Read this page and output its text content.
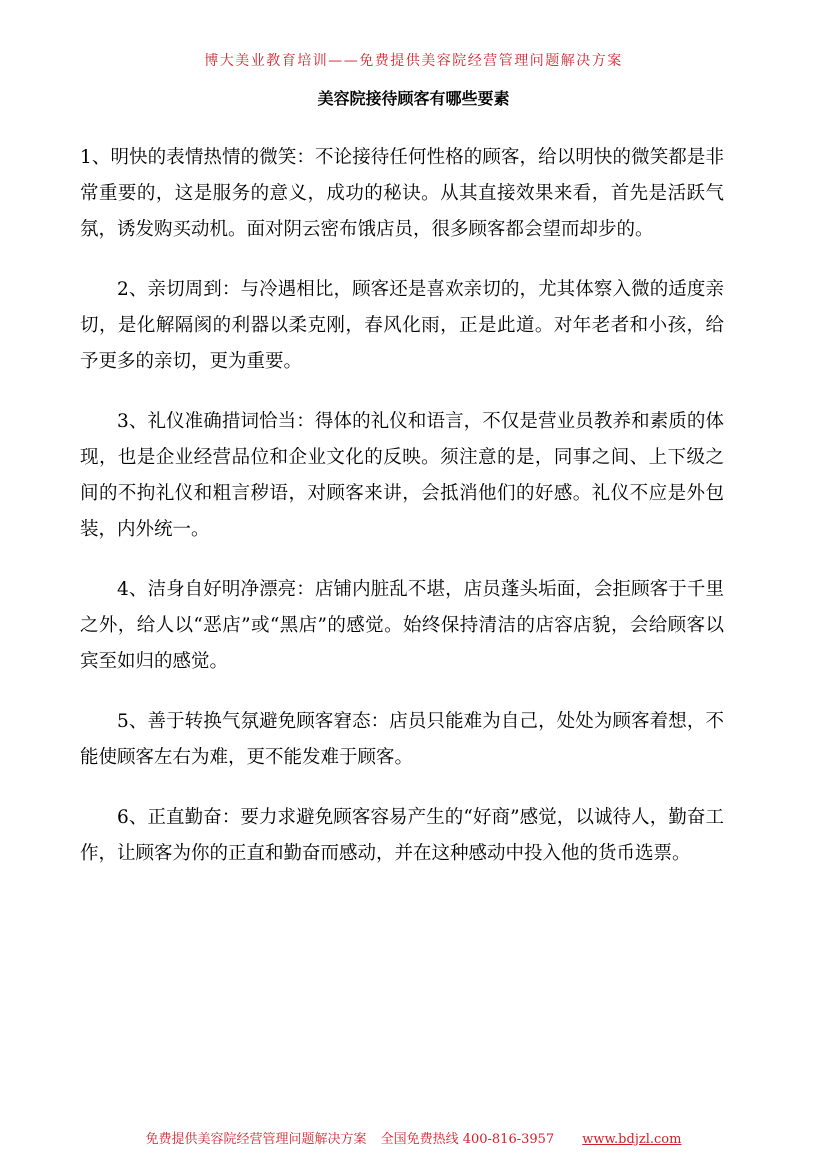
博大美业教育培训——免费提供美容院经营管理问题解决方案
美容院接待顾客有哪些要素

1、明快的表情热情的微笑：不论接待任何性格的顾客，给以明快的微笑都是非常重要的，这是服务的意义，成功的秘诀。从其直接效果来看，首先是活跃气氛，诱发购买动机。面对阴云密布饿店员，很多顾客都会望而却步的。

2、亲切周到：与冷遇相比，顾客还是喜欢亲切的，尤其体察入微的适度亲切，是化解隔阂的利器以柔克刚，春风化雨，正是此道。对年老者和小孩，给予更多的亲切，更为重要。

3、礼仪准确措词恰当：得体的礼仪和语言，不仅是营业员教养和素质的体现，也是企业经营品位和企业文化的反映。须注意的是，同事之间、上下级之间的不拘礼仪和粗言秽语，对顾客来讲，会抵消他们的好感。礼仪不应是外包装，内外统一。

4、洁身自好明净漂亮：店铺内脏乱不堪，店员蓬头垢面，会拒顾客于千里之外，给人以“恶店”或“黑店”的感觉。始终保持清洁的店容店貌，会给顾客以宾至如归的感觉。

5、善于转换气氛避免顾客窘态：店员只能难为自己，处处为顾客着想，不能使顾客左右为难，更不能发难于顾客。

6、正直勤奋：要力求避免顾客容易产生的“好商”感觉，以诚待人，勤奋工作，让顾客为你的正直和勤奋而感动，并在这种感动中投入他的货币选票。

免费提供美容院经营管理问题解决方案 全国免费热线 400-816-3957 www.bdjzl.com
